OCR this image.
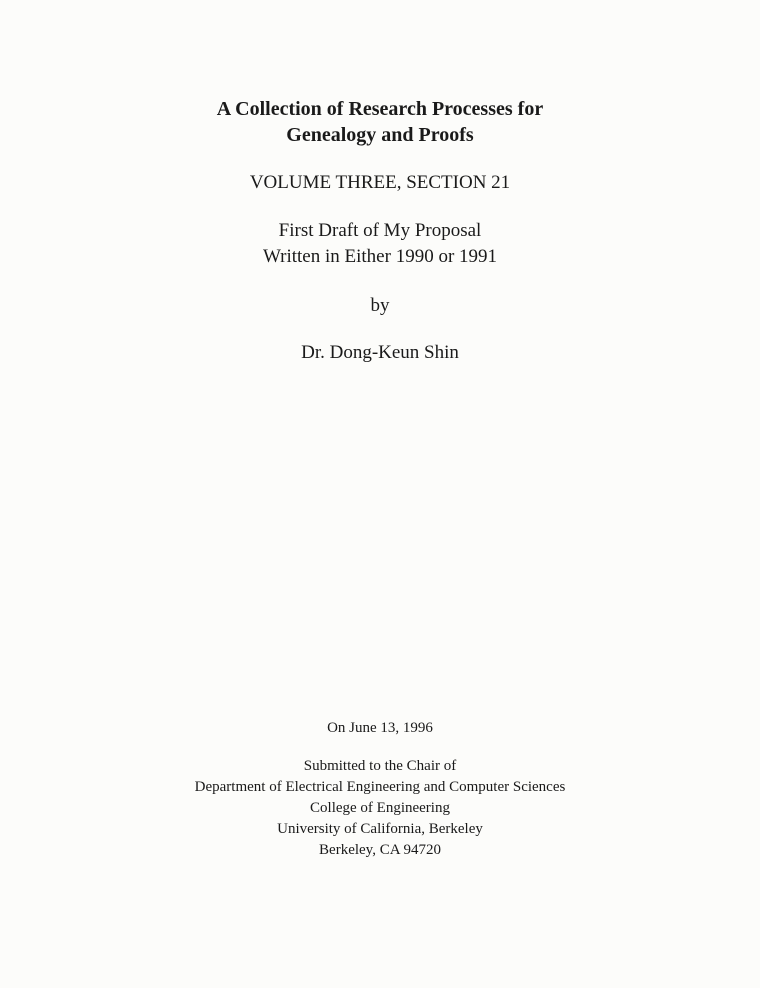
A Collection of Research Processes for

Genealogy and Proofs

VOLUME THREE, SECTION 21

First Draft of My Proposal

Written in Either 1990 or 1991

by

Dr. Dong-Keun Shin

On June 13, 1996

Submitted to the Chair of

Department of Electrical Engineering and Computer Sciences

College of Engineering

University of California, Berkeley

Berkeley, CA 94720
